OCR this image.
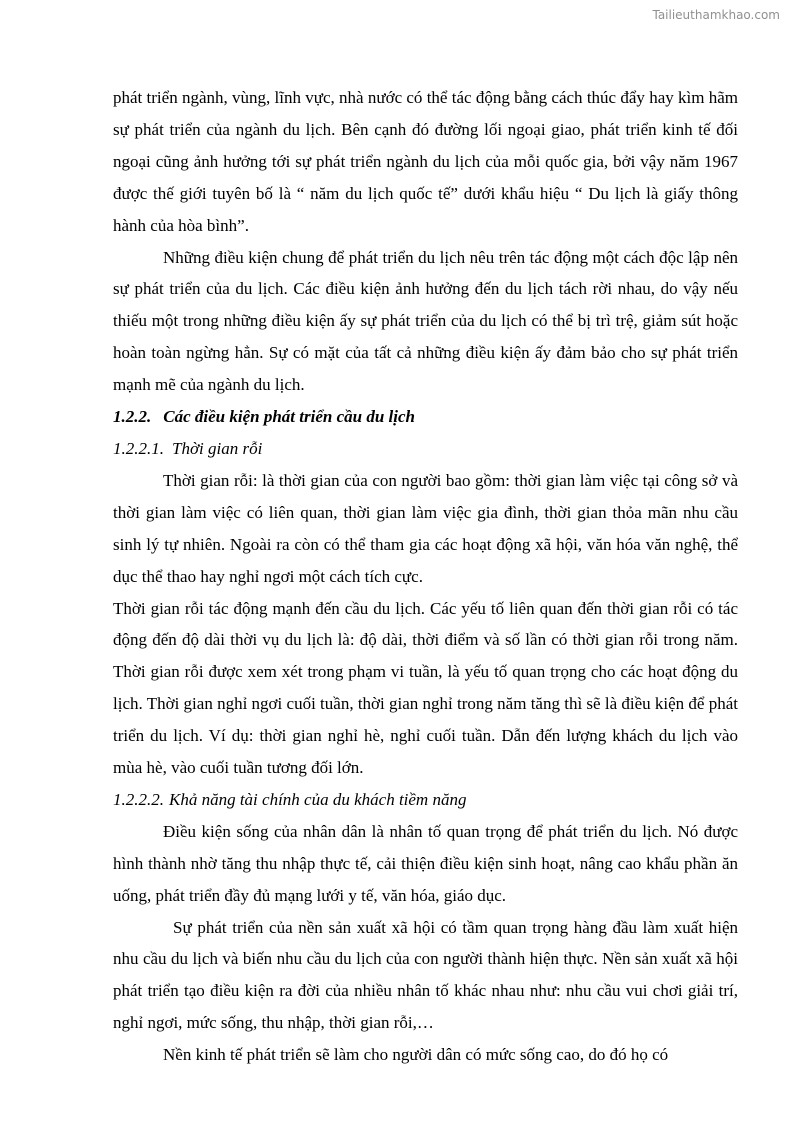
Tailieuthamkhao.com

phát triển ngành, vùng, lĩnh vực, nhà nước có thể tác động bằng cách thúc đẩy hay kìm hãm sự phát triển của ngành du lịch. Bên cạnh đó đường lối ngoại giao, phát triển kinh tế đối ngoại cũng ảnh hưởng tới sự phát triển ngành du lịch của mỗi quốc gia, bởi vậy năm 1967 được thế giới tuyên bố là “ năm du lịch quốc tế” dưới khẩu hiệu “ Du lịch là giấy thông hành của hòa bình”.

Những điều kiện chung để phát triển du lịch nêu trên tác động một cách độc lập nên sự phát triển của du lịch. Các điều kiện ảnh hưởng đến du lịch tách rời nhau, do vậy nếu thiếu một trong những điều kiện ấy sự phát triển của du lịch có thể bị trì trệ, giảm sút hoặc hoàn toàn ngừng hẳn. Sự có mặt của tất cả những điều kiện ấy đảm bảo cho sự phát triển mạnh mẽ của ngành du lịch.

1.2.2. Các điều kiện phát triển cầu du lịch

1.2.2.1. Thời gian rỗi

Thời gian rỗi: là thời gian của con người bao gồm: thời gian làm việc tại công sở và thời gian làm việc có liên quan, thời gian làm việc gia đình, thời gian thỏa mãn nhu cầu sinh lý tự nhiên. Ngoài ra còn có thể tham gia các hoạt động xã hội, văn hóa văn nghệ, thể dục thể thao hay nghỉ ngơi một cách tích cực.

Thời gian rỗi tác động mạnh đến cầu du lịch. Các yếu tố liên quan đến thời gian rỗi có tác động đến độ dài thời vụ du lịch là: độ dài, thời điểm và số lần có thời gian rỗi trong năm. Thời gian rỗi được xem xét trong phạm vi tuần, là yếu tố quan trọng cho các hoạt động du lịch. Thời gian nghỉ ngơi cuối tuần, thời gian nghỉ trong năm tăng thì sẽ là điều kiện để phát triển du lịch. Ví dụ: thời gian nghỉ hè, nghỉ cuối tuần. Dẫn đến lượng khách du lịch vào mùa hè, vào cuối tuần tương đối lớn.

1.2.2.2. Khả năng tài chính của du khách tiềm năng

Điều kiện sống của nhân dân là nhân tố quan trọng để phát triển du lịch. Nó được hình thành nhờ tăng thu nhập thực tế, cải thiện điều kiện sinh hoạt, nâng cao khẩu phần ăn uống, phát triển đầy đủ mạng lưới y tế, văn hóa, giáo dục.

Sự phát triển của nền sản xuất xã hội có tầm quan trọng hàng đầu làm xuất hiện nhu cầu du lịch và biến nhu cầu du lịch của con người thành hiện thực. Nền sản xuất xã hội phát triển tạo điều kiện ra đời của nhiều nhân tố khác nhau như: nhu cầu vui chơi giải trí, nghỉ ngơi, mức sống, thu nhập, thời gian rỗi,…

Nền kinh tế phát triển sẽ làm cho người dân có mức sống cao, do đó họ có
